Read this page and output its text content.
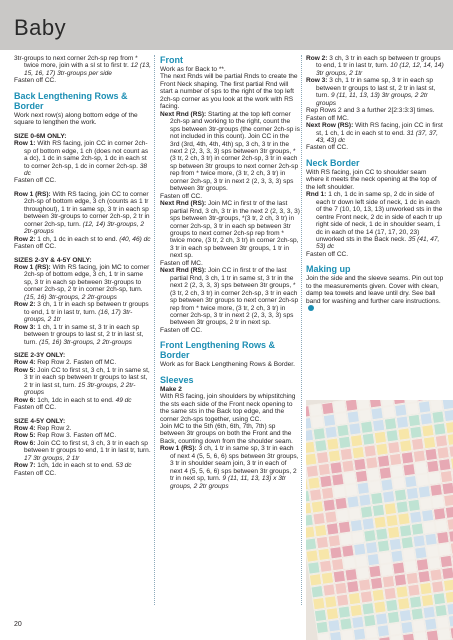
Baby
3tr-groups to next corner 2ch-sp rep from * twice more, join with a sl st to first tr. 12 (13, 15, 16, 17) 3tr-groups per side
Fasten off CC.
Back Lengthening Rows & Border
Work next row(s) along bottom edge of the square to lengthen the work.
SIZE 0-6M ONLY:
Row 1: With RS facing, join CC in corner 2ch-sp of bottom edge, 1 ch (does not count as a dc), 1 dc in same 2ch-sp, 1 dc in each st to corner 2ch-sp, 1 dc in corner 2ch-sp. 38 dc
Fasten off CC.
Row 1 (RS): With RS facing, join CC to corner 2ch-sp of bottom edge, 3 ch (counts as 1 tr throughout), 1 tr in same sp, 3 tr in each sp between 3tr-groups to corner 2ch-sp, 2 tr in corner 2ch-sp, turn. (12, 14) 3tr-groups, 2 2tr-groups
Row 2: 1 ch, 1 dc in each st to end. (40, 46) dc
Fasten off CC.
SIZES 2-3Y & 4-5Y ONLY:
Row 1 (RS): With RS facing, join MC to corner 2ch-sp of bottom edge, 3 ch, 1 tr in same sp, 3 tr in each sp between 3tr-groups to corner 2ch-sp, 2 tr in corner 2ch-sp, turn. (15, 16) 3tr-groups, 2 2tr-groups
Row 2: 3 ch, 1 tr in each sp between tr groups to end, 1 tr in last tr, turn. (16, 17) 3tr-groups, 2 1tr
Row 3: 1 ch, 1 tr in same st, 3 tr in each sp between tr groups to last st, 2 tr in last st, turn. (15, 16) 3tr-groups, 2 2tr-groups
SIZE 2-3Y ONLY:
Row 4: Rep Row 2. Fasten off MC.
Row 5: Join CC to first st, 3 ch, 1 tr in same st, 3 tr in each sp between tr groups to last st, 2 tr in last st, turn. 15 3tr-groups, 2 2tr-groups
Row 6: 1ch, 1dc in each st to end. 49 dc
Fasten off CC.
SIZE 4-5Y ONLY:
Row 4: Rep Row 2.
Row 5: Rep Row 3. Fasten off MC.
Row 6: Join CC to first st, 3 ch, 3 tr in each sp between tr groups to end, 1 tr in last tr, turn. 17 3tr groups, 2 1tr
Row 7: 1ch, 1dc in each st to end. 53 dc
Fasten off CC.
Front
Work as for Back to **.
The next Rnds will be partial Rnds to create the Front Neck shaping. The first partial Rnd will start a number of sps to the right of the top left 2ch-sp corner as you look at the work with RS facing.
Next Rnd (RS): Starting at the top left corner 2ch-sp and working to the right, count the sps between 3tr-groups (the corner 2ch-sp is not included in this count). Join CC in the 3rd (3rd, 4th, 4th, 4th) sp, 3 ch, 3 tr in the next 2 (2, 3, 3, 3) sps between 3tr groups, *(3 tr, 2 ch, 3 tr) in corner 2ch-sp, 3 tr in each sp between 3tr groups to next corner 2ch-sp rep from * twice more, (3 tr, 2 ch, 3 tr) in corner 2ch-sp, 3 tr in next 2 (2, 3, 3, 3) sps between 3tr groups.
Fasten off CC.
Next Rnd (RS): Join MC in first tr of the last partial Rnd, 3 ch, 3 tr in the next 2 (2, 3, 3, 3) sps between 3tr-groups, *(3 tr, 2 ch, 3 tr) in corner 2ch-sp, 3 tr in each sp between 3tr groups to next corner 2ch-sp rep from * twice more, (3 tr, 2 ch, 3 tr) in corner 2ch-sp, 3 tr in each sp between 3tr groups, 1 tr in next sp.
Fasten off MC.
Next Rnd (RS): Join CC in first tr of the last partial Rnd, 3 ch, 1 tr in same st, 3 tr in the next 2 (2, 3, 3, 3) sps between 3tr groups, *(3 tr, 2 ch, 3 tr) in corner 2ch-sp, 3 tr in each sp between 3tr groups to next corner 2ch-sp rep from * twice more, (3 tr, 2 ch, 3 tr) in corner 2ch-sp, 3 tr in next 2 (2, 3, 3, 3) sps between 3tr groups, 2 tr in next sp.
Fasten off CC.
Front Lengthening Rows & Border
Work as for Back Lengthening Rows & Border.
Sleeves
Make 2
With RS facing, join shoulders by whipstitching the sts each side of the Front neck opening to the same sts in the Back top edge, and the corner 2ch-sps together, using CC.
Join MC to the 5th (6th, 6th, 7th, 7th) sp between 3tr groups on both the Front and the Back, counting down from the shoulder seam.
Row 1 (RS): 3 ch, 1 tr in same sp, 3 tr in each of next 4 (5, 5, 6, 6) sps between 3tr groups, 3 tr in shoulder seam join, 3 tr in each of next 4 (5, 5, 6, 6) sps between 3tr groups, 2 tr in next sp, turn. 9 (11, 11, 13, 13) x 3tr groups, 2 2tr groups
Row 2: 3 ch, 3 tr in each sp between tr groups to end, 1 tr in last tr, turn. 10 (12, 12, 14, 14) 3tr groups, 2 1tr
Row 3: 3 ch, 1 tr in same sp, 3 tr in each sp between tr groups to last st, 2 tr in last st, turn. 9 (11, 11, 13, 13) 3tr groups, 2 2tr groups
Rep Rows 2 and 3 a further 2[2:3:3:3] times.
Fasten off MC.
Next Row (RS): With RS facing, join CC in first st, 1 ch, 1 dc in each st to end. 31 (37, 37, 43, 43) dc
Fasten off CC.
Neck Border
With RS facing, join CC to shoulder seam where it meets the neck opening at the top of the left shoulder.
Rnd 1: 1 ch, 1 dc in same sp, 2 dc in side of each tr down left side of neck, 1 dc in each of the 7 (10, 10, 13, 13) unworked sts in the centre Front neck, 2 dc in side of each tr up right side of neck, 1 dc in shoulder seam, 1 dc in each of the 14 (17, 17, 20, 23) unworked sts in the Back neck. 35 (41, 47, 53) dc
Fasten off CC.
Making up
Join the side and the sleeve seams. Pin out top to the measurements given. Cover with clean, damp tea towels and leave until dry. See ball band for washing and further care instructions.
20
